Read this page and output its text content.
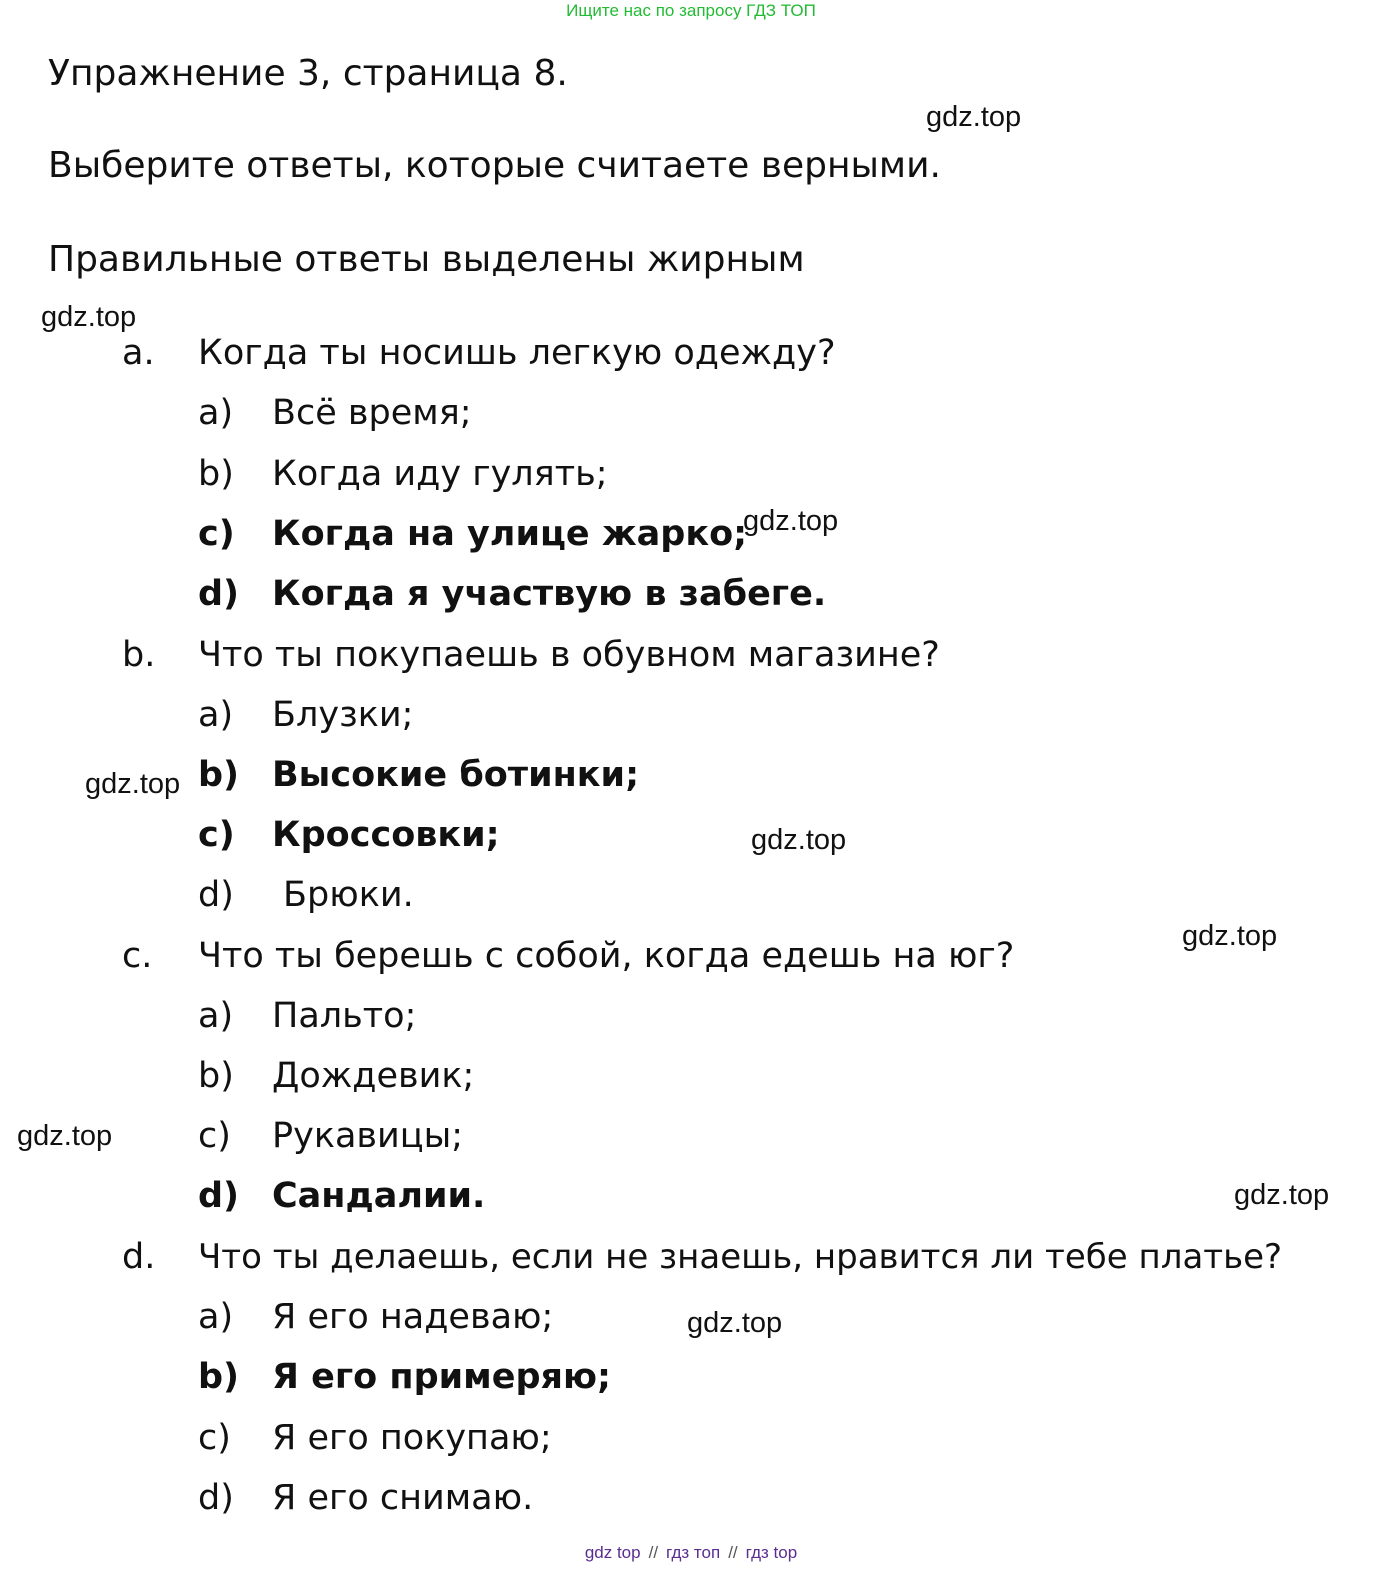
Ищите нас по запросу ГДЗ ТОП
Упражнение 3, страница 8.
Выберите ответы, которые считаете верными.
Правильные ответы выделены жирным
gdz.top
gdz.top
gdz.top
gdz.top
gdz.top
gdz.top
gdz.top
gdz.top
gdz.top
a. Когда ты носишь легкую одежду?
a) Всё время;
b) Когда иду гулять;
c) Когда на улице жарко;
d) Когда я участвую в забеге.
b. Что ты покупаешь в обувном магазине?
a) Блузки;
b) Высокие ботинки;
c) Кроссовки;
d) Брюки.
c. Что ты берешь с собой, когда едешь на юг?
a) Пальто;
b) Дождевик;
c) Рукавицы;
d) Сандалии.
d. Что ты делаешь, если не знаешь, нравится ли тебе платье?
a) Я его надеваю;
b) Я его примеряю;
c) Я его покупаю;
d) Я его снимаю.
gdz top // гдз топ // гдз top
